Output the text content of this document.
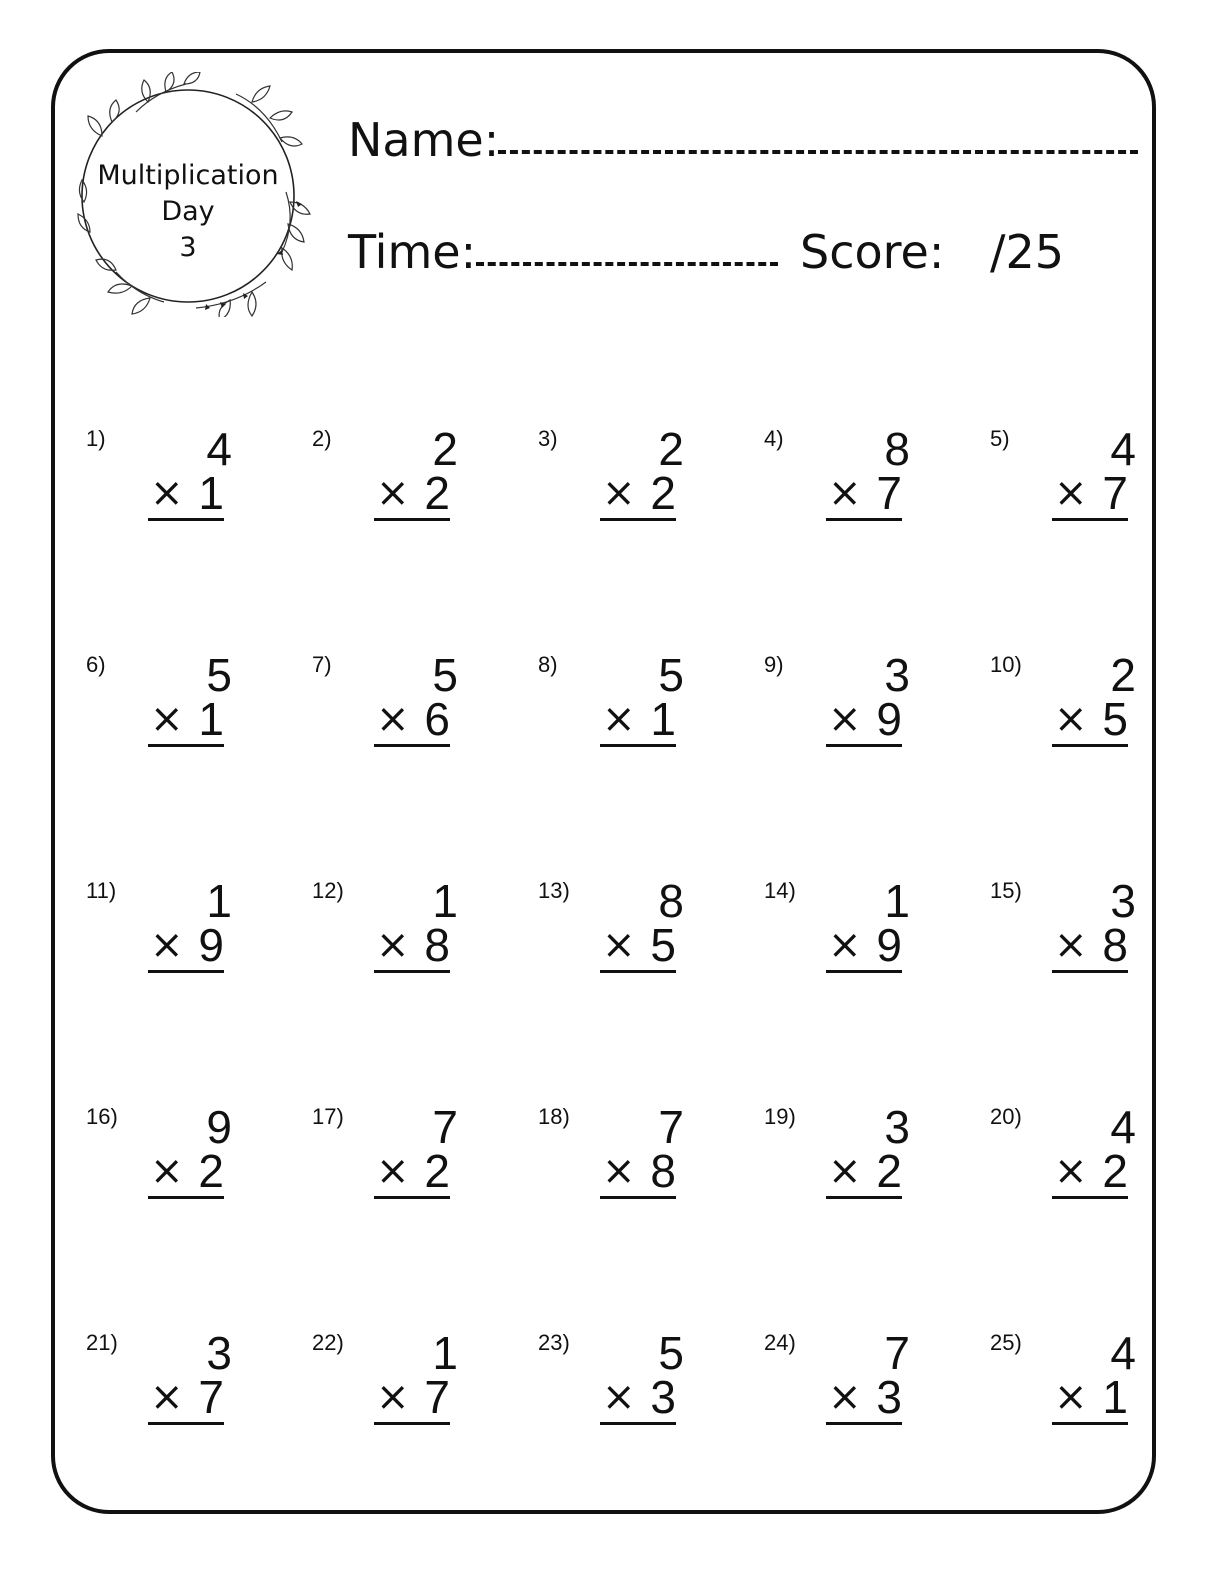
Multiplication
Day
3
Name:
Time:	Score: /25
1) 4
× 1
2) 2
× 2
3) 2
× 2
4) 8
× 7
5) 4
× 7
6) 5
× 1
7) 5
× 6
8) 5
× 1
9) 3
× 9
10) 2
× 5
11) 1
× 9
12) 1
× 8
13) 8
× 5
14) 1
× 9
15) 3
× 8
16) 9
× 2
17) 7
× 2
18) 7
× 8
19) 3
× 2
20) 4
× 2
21) 3
× 7
22) 1
× 7
23) 5
× 3
24) 7
× 3
25) 4
× 1
